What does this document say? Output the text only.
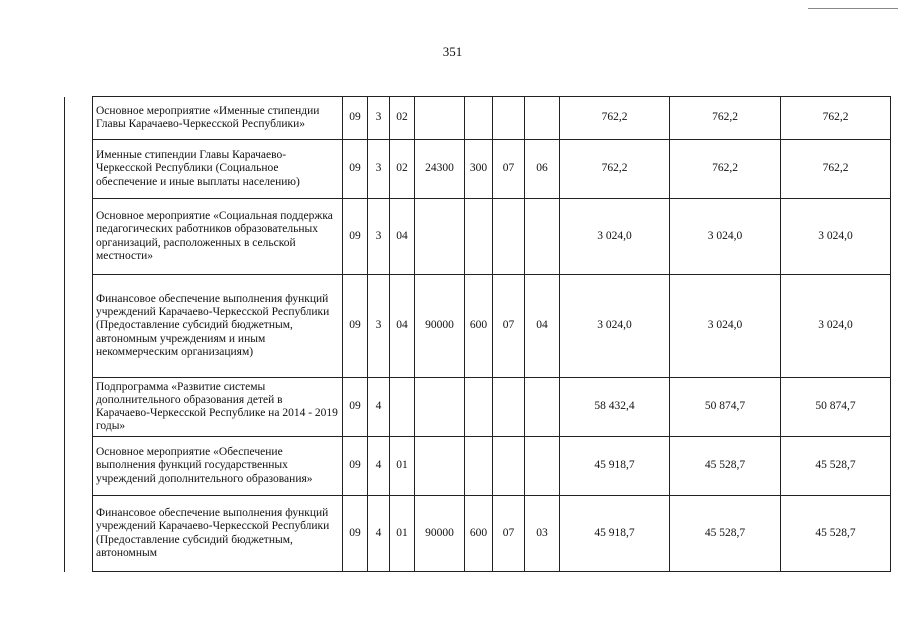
351
	Основное мероприятие «Именные стипендии Главы Карачаево-Черкесской Республики»	09	3	02					762,2	762,2	762,2
	Именные стипендии Главы Карачаево-Черкесской Республики (Социальное обеспечение и иные выплаты населению)	09	3	02	24300	300	07	06	762,2	762,2	762,2
	Основное мероприятие «Социальная поддержка педагогических работников образовательных организаций, расположенных в сельской местности»	09	3	04					3 024,0	3 024,0	3 024,0
	Финансовое обеспечение выполнения функций учреждений Карачаево-Черкесской Республики (Предоставление субсидий бюджетным, автономным учреждениям и иным некоммерческим организациям)	09	3	04	90000	600	07	04	3 024,0	3 024,0	3 024,0
	Подпрограмма «Развитие системы дополнительного образования детей в Карачаево-Черкесской Республике на 2014 - 2019 годы»	09	4						58 432,4	50 874,7	50 874,7
	Основное мероприятие «Обеспечение выполнения функций государственных учреждений дополнительного образования»	09	4	01					45 918,7	45 528,7	45 528,7
	Финансовое обеспечение выполнения функций учреждений Карачаево-Черкесской Республики (Предоставление субсидий бюджетным, автономным	09	4	01	90000	600	07	03	45 918,7	45 528,7	45 528,7
